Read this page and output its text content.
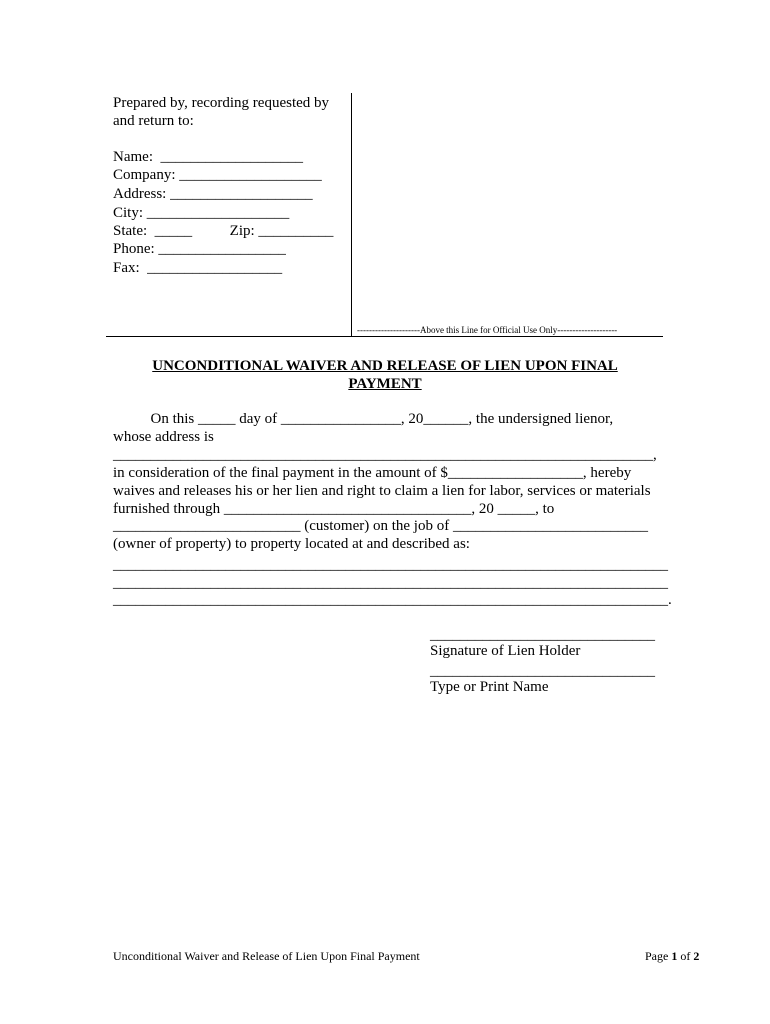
Prepared by, recording requested by
and return to:
Name:  ___________________
Company: ___________________
Address: ___________________
City: ___________________
State:  _____          Zip: __________
Phone: _________________
Fax:  __________________
---------------------Above this Line for Official Use Only--------------------
UNCONDITIONAL WAIVER AND RELEASE OF LIEN UPON FINAL
PAYMENT
On this _____ day of ________________, 20______, the undersigned lienor,
whose address is
________________________________________________________________________,
in consideration of the final payment in the amount of $__________________, hereby
waives and releases his or her lien and right to claim a lien for labor, services or materials
furnished through _________________________________, 20 _____, to
_________________________ (customer) on the job of __________________________
(owner of property) to property located at and described as:
__________________________________________________________________________
__________________________________________________________________________
__________________________________________________________________________.
______________________________
Signature of Lien Holder
______________________________
Type or Print Name
Unconditional Waiver and Release of Lien Upon Final Payment	Page 1 of 2
